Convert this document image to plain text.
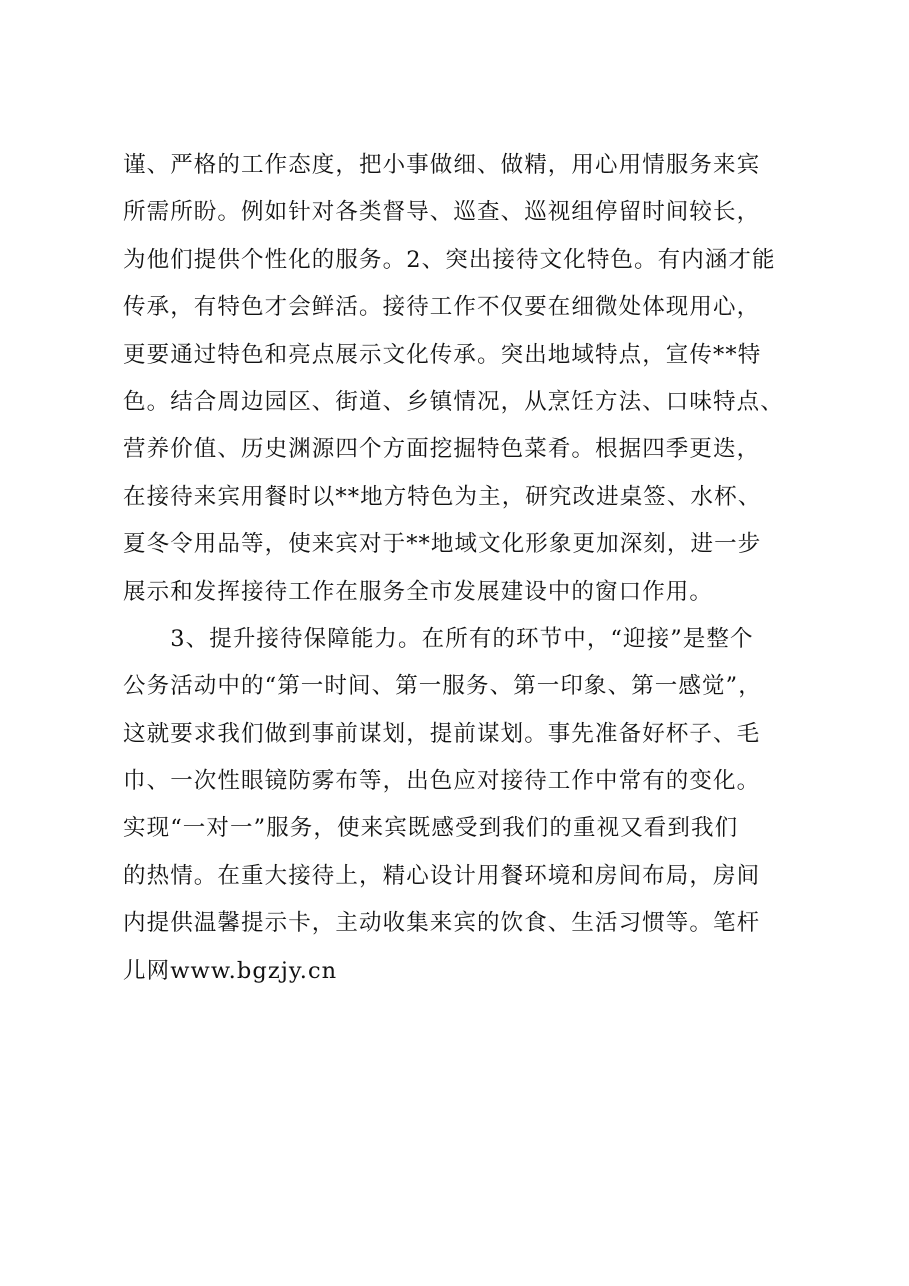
谨、严格的工作态度，把小事做细、做精，用心用情服务来宾
所需所盼。例如针对各类督导、巡查、巡视组停留时间较长，
为他们提供个性化的服务。2、突出接待文化特色。有内涵才能
传承，有特色才会鲜活。接待工作不仅要在细微处体现用心，
更要通过特色和亮点展示文化传承。突出地域特点，宣传**特
色。结合周边园区、街道、乡镇情况，从烹饪方法、口味特点、
营养价值、历史渊源四个方面挖掘特色菜肴。根据四季更迭，
在接待来宾用餐时以**地方特色为主，研究改进桌签、水杯、
夏冬令用品等，使来宾对于**地域文化形象更加深刻，进一步
展示和发挥接待工作在服务全市发展建设中的窗口作用。
　　3、提升接待保障能力。在所有的环节中，“迎接”是整个
公务活动中的“第一时间、第一服务、第一印象、第一感觉”，
这就要求我们做到事前谋划，提前谋划。事先准备好杯子、毛
巾、一次性眼镜防雾布等，出色应对接待工作中常有的变化。
实现“一对一”服务，使来宾既感受到我们的重视又看到我们
的热情。在重大接待上，精心设计用餐环境和房间布局，房间
内提供温馨提示卡，主动收集来宾的饮食、生活习惯等。笔杆
儿网www.bgzjy.cn
